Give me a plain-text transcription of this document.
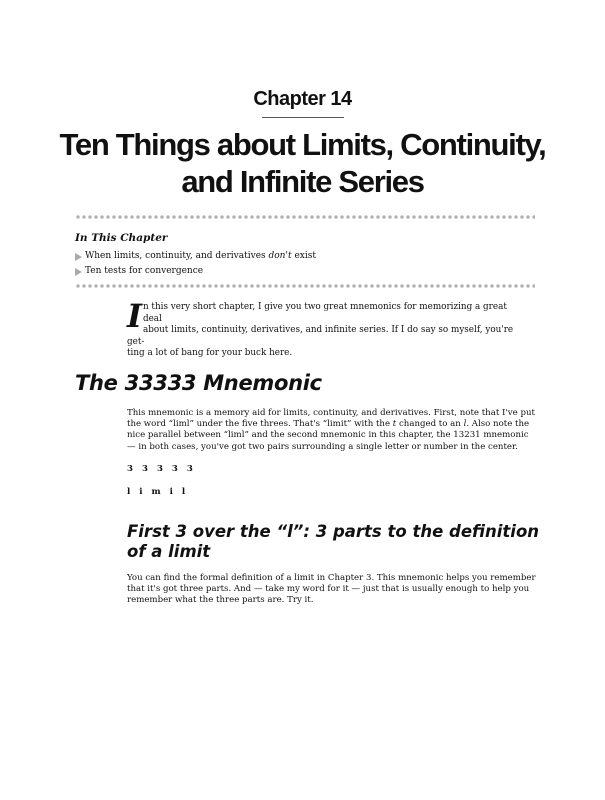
Chapter 14
Ten Things about Limits, Continuity,
and Infinite Series
In This Chapter
When limits, continuity, and derivatives don't exist
Ten tests for convergence
I n this very short chapter, I give you two great mnemonics for memorizing a great deal
about limits, continuity, derivatives, and infinite series. If I do say so myself, you're get-
ting a lot of bang for your buck here.
The 33333 Mnemonic
This mnemonic is a memory aid for limits, continuity, and derivatives. First, note that I've put the word “liml” under the five threes. That's “limit” with the t changed to an l. Also note the nice parallel between “liml” and the second mnemonic in this chapter, the 13231 mnemonic — in both cases, you've got two pairs surrounding a single letter or number in the center.
3 3 3 3 3
l i m i l
First 3 over the “l”: 3 parts to the definition
of a limit
You can find the formal definition of a limit in Chapter 3. This mnemonic helps you remember that it's got three parts. And — take my word for it — just that is usually enough to help you remember what the three parts are. Try it.
